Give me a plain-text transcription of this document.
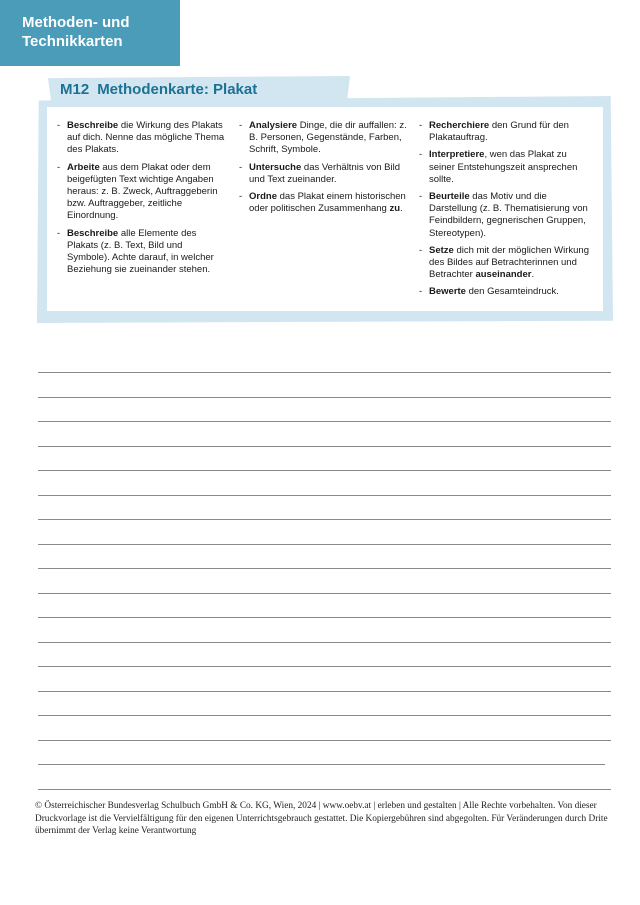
Methoden- und
Technikkarten
M12 Methodenkarte: Plakat
- Beschreibe die Wirkung des Plakats auf dich. Nenne das mögliche Thema des Plakats.
- Arbeite aus dem Plakat oder dem beigefügten Text wichtige Angaben heraus: z. B. Zweck, Auftraggeberin bzw. Auftraggeber, zeitliche Einordnung.
- Beschreibe alle Elemente des Plakats (z. B. Text, Bild und Symbole). Achte darauf, in welcher Beziehung sie zueinander stehen.
- Analysiere Dinge, die dir auffallen: z. B. Personen, Gegenstände, Farben, Schrift, Symbole.
- Untersuche das Verhältnis von Bild und Text zueinander.
- Ordne das Plakat einem historischen oder politischen Zusammenhang zu.
- Recherchiere den Grund für den Plakatauftrag.
- Interpretiere, wen das Plakat zu seiner Entstehungszeit ansprechen sollte.
- Beurteile das Motiv und die Darstellung (z. B. Thematisierung von Feindbildern, gegnerischen Gruppen, Stereotypen).
- Setze dich mit der möglichen Wirkung des Bildes auf Betrachterinnen und Betrachter auseinander.
- Bewerte den Gesamteindruck.
© Österreichischer Bundesverlag Schulbuch GmbH & Co. KG, Wien, 2024 | www.oebv.at | erleben und gestalten | Alle Rechte vorbehalten. Von dieser Druckvorlage ist die Vervielfältigung für den eigenen Unterrichtsgebrauch gestattet. Die Kopiergebühren sind abgegolten. Für Veränderungen durch Drite übernimmt der Verlag keine Verantwortung
